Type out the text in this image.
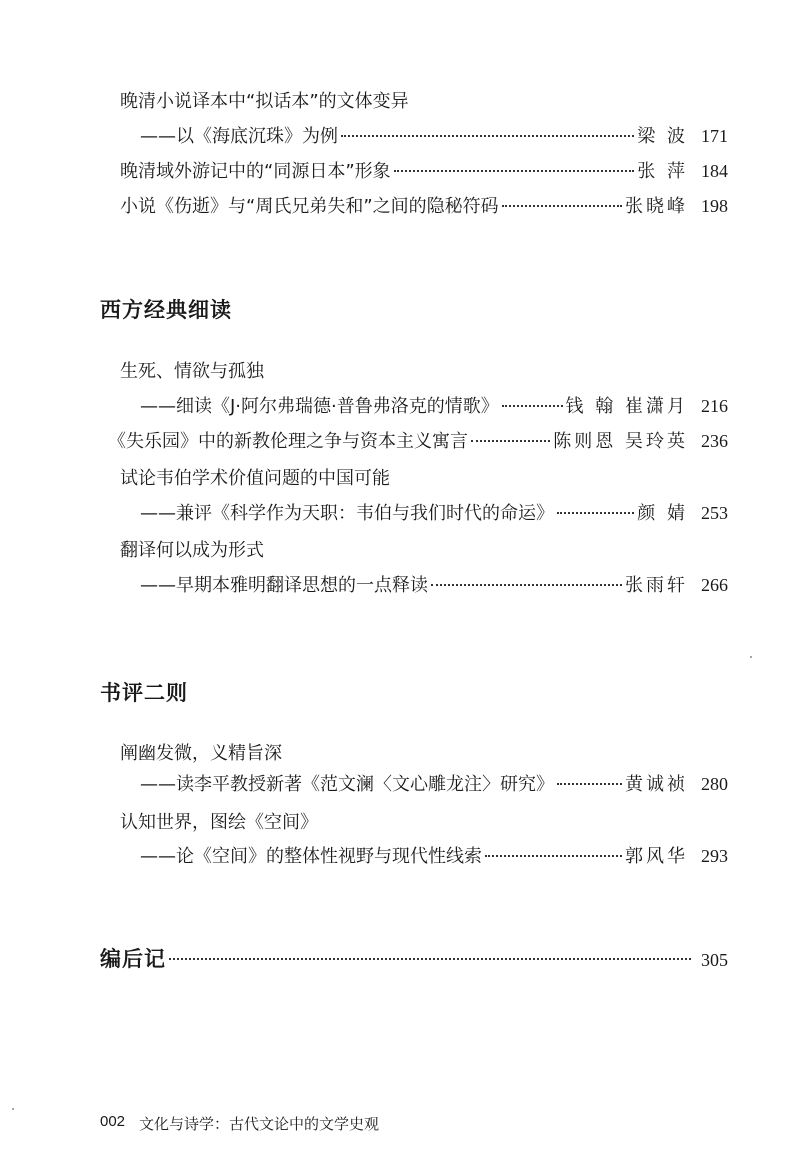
晚清小说译本中“拟话本”的文体变异
——以《海底沉珠》为例	梁 波 171
晚清域外游记中的“同源日本”形象	张 萍 184
小说《伤逝》与“周氏兄弟失和”之间的隐秘符码	张晓峰 198
西方经典细读
生死、情欲与孤独
——细读《J·阿尔弗瑞德·普鲁弗洛克的情歌》	钱 翰 崔潇月 216
《失乐园》中的新教伦理之争与资本主义寓言	陈则恩 吴玲英 236
试论韦伯学术价值问题的中国可能
——兼评《科学作为天职：韦伯与我们时代的命运》	颜 婧 253
翻译何以成为形式
——早期本雅明翻译思想的一点释读	张雨轩 266
书评二则
阐幽发微，义精旨深
——读李平教授新著《范文澜〈文心雕龙注〉研究》	黄诚祯 280
认知世界，图绘《空间》
——论《空间》的整体性视野与现代性线索	郭风华 293
编后记	305
002 文化与诗学：古代文论中的文学史观
